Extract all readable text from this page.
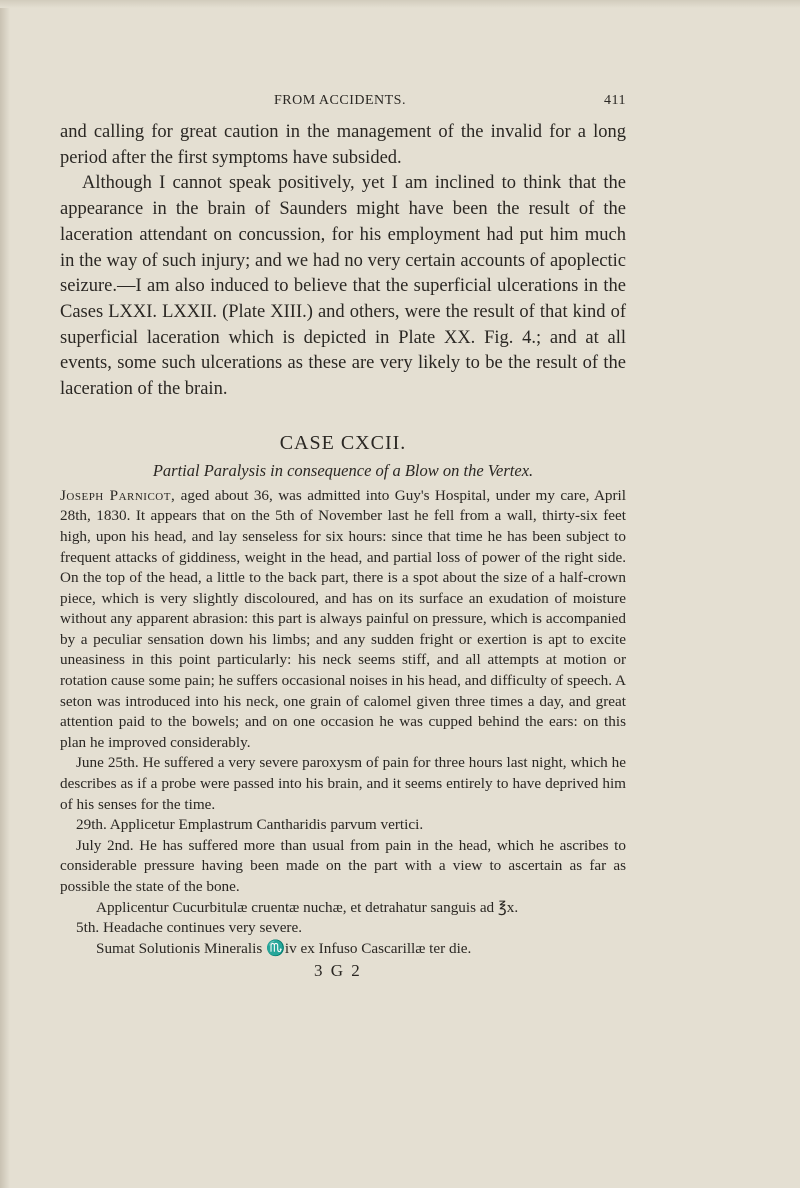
FROM ACCIDENTS.	411

and calling for great caution in the management of the invalid for a long period after the first symptoms have subsided.

Although I cannot speak positively, yet I am inclined to think that the appearance in the brain of Saunders might have been the result of the laceration attendant on concussion, for his employment had put him much in the way of such injury; and we had no very certain accounts of apoplectic seizure.—I am also induced to believe that the superficial ulcerations in the Cases LXXI. LXXII. (Plate XIII.) and others, were the result of that kind of superficial laceration which is depicted in Plate XX. Fig. 4.; and at all events, some such ulcerations as these are very likely to be the result of the laceration of the brain.

CASE CXCII.
Partial Paralysis in consequence of a Blow on the Vertex.

Joseph Parnicot, aged about 36, was admitted into Guy's Hospital, under my care, April 28th, 1830. It appears that on the 5th of November last he fell from a wall, thirty-six feet high, upon his head, and lay senseless for six hours: since that time he has been subject to frequent attacks of giddiness, weight in the head, and partial loss of power of the right side. On the top of the head, a little to the back part, there is a spot about the size of a half-crown piece, which is very slightly discoloured, and has on its surface an exudation of moisture without any apparent abrasion: this part is always painful on pressure, which is accompanied by a peculiar sensation down his limbs; and any sudden fright or exertion is apt to excite uneasiness in this point particularly: his neck seems stiff, and all attempts at motion or rotation cause some pain; he suffers occasional noises in his head, and difficulty of speech. A seton was introduced into his neck, one grain of calomel given three times a day, and great attention paid to the bowels; and on one occasion he was cupped behind the ears: on this plan he improved considerably.

June 25th. He suffered a very severe paroxysm of pain for three hours last night, which he describes as if a probe were passed into his brain, and it seems entirely to have deprived him of his senses for the time.

29th. Applicetur Emplastrum Cantharidis parvum vertici.

July 2nd. He has suffered more than usual from pain in the head, which he ascribes to considerable pressure having been made on the part with a view to ascertain as far as possible the state of the bone.

Applicentur Cucurbitulæ cruentæ nuchæ, et detrahatur sanguis ad ℥x.

5th. Headache continues very severe.

Sumat Solutionis Mineralis ♏iv ex Infuso Cascarillæ ter die.

3 G 2
